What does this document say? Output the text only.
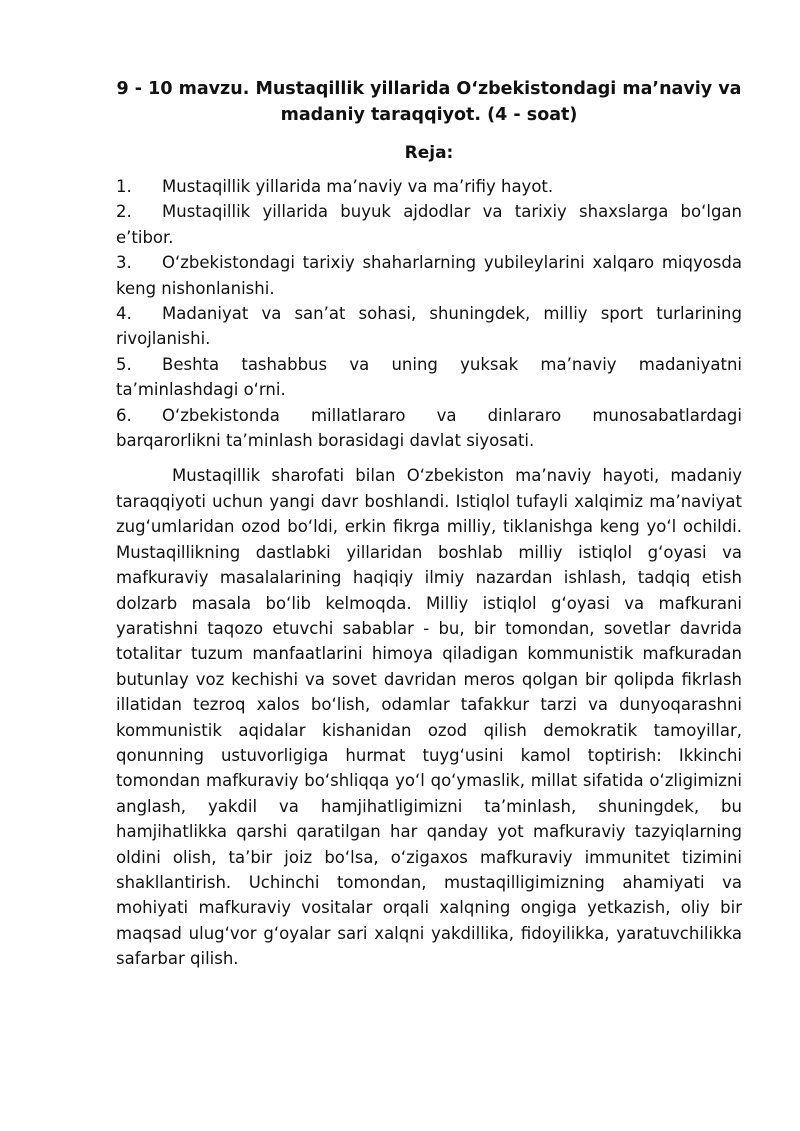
9 - 10 mavzu. Mustaqillik yillarida O‘zbekistondagi ma’naviy va madaniy taraqqiyot. (4 - soat)
Reja:
1. Mustaqillik yillarida ma’naviy va ma’rifiy hayot.
2. Mustaqillik yillarida buyuk ajdodlar va tarixiy shaxslarga bo‘lgan e’tibor.
3. O‘zbekistondagi tarixiy shaharlarning yubileylarini xalqaro miqyosda keng nishonlanishi.
4. Madaniyat va san’at sohasi, shuningdek, milliy sport turlarining rivojlanishi.
5. Beshta tashabbus va uning yuksak ma’naviy madaniyatni ta’minlashdagi o‘rni.
6. O‘zbekistonda millatlararo va dinlararo munosabatlardagi barqarorlikni ta’minlash borasidagi davlat siyosati.

Mustaqillik sharofati bilan O‘zbekiston ma’naviy hayoti, madaniy taraqqiyoti uchun yangi davr boshlandi. Istiqlol tufayli xalqimiz ma’naviyat zug‘umlaridan ozod bo‘ldi, erkin fikrga milliy, tiklanishga keng yo‘l ochildi. Mustaqillikning dastlabki yillaridan boshlab milliy istiqlol g‘oyasi va mafkuraviy masalalarining haqiqiy ilmiy nazardan ishlash, tadqiq etish dolzarb masala bo‘lib kelmoqda. Milliy istiqlol g‘oyasi va mafkurani yaratishni taqozo etuvchi sabablar - bu, bir tomondan, sovetlar davrida totalitar tuzum manfaatlarini himoya qiladigan kommunistik mafkuradan butunlay voz kechishi va sovet davridan meros qolgan bir qolipda fikrlash illatidan tezroq xalos bo‘lish, odamlar tafakkur tarzi va dunyoqarashni kommunistik aqidalar kishanidan ozod qilish demokratik tamoyillar, qonunning ustuvorligiga hurmat tuyg‘usini kamol toptirish: Ikkinchi tomondan mafkuraviy bo‘shliqqa yo‘l qo‘ymaslik, millat sifatida o‘zligimizni anglash, yakdil va hamjihatligimizni ta’minlash, shuningdek, bu hamjihatlikka qarshi qaratilgan har qanday yot mafkuraviy tazyiqlarning oldini olish, ta’bir joiz bo‘lsa, o‘zigaxos mafkuraviy immunitet tizimini shakllantirish. Uchinchi tomondan, mustaqilligimizning ahamiyati va mohiyati mafkuraviy vositalar orqali xalqning ongiga yetkazish, oliy bir maqsad ulug‘vor g‘oyalar sari xalqni yakdillika, fidoyilikka, yaratuvchilikka safarbar qilish.
